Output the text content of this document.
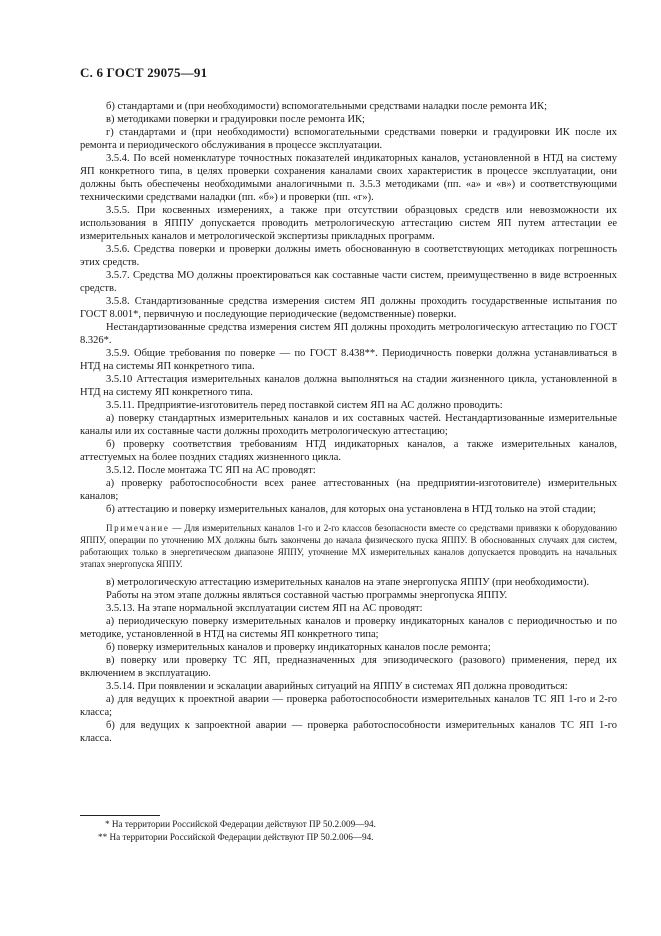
С. 6 ГОСТ 29075—91

б) стандартами и (при необходимости) вспомогательными средствами наладки после ремонта ИК;

в) методиками поверки и градуировки после ремонта ИК;

г) стандартами и (при необходимости) вспомогательными средствами поверки и градуировки ИК после их ремонта и периодического обслуживания в процессе эксплуатации.

3.5.4. По всей номенклатуре точностных показателей индикаторных каналов, установленной в НТД на систему ЯП конкретного типа, в целях проверки сохранения каналами своих характеристик в процессе эксплуатации, они должны быть обеспечены необходимыми аналогичными п. 3.5.3 методиками (пп. «а» и «в») и соответствующими техническими средствами наладки (пп. «б») и проверки (пп. «г»).

3.5.5. При косвенных измерениях, а также при отсутствии образцовых средств или невозможности их использования в ЯППУ допускается проводить метрологическую аттестацию систем ЯП путем аттестации ее измерительных каналов и метрологической экспертизы прикладных программ.

3.5.6. Средства поверки и проверки должны иметь обоснованную в соответствующих методиках погрешность этих средств.

3.5.7. Средства МО должны проектироваться как составные части систем, преимущественно в виде встроенных средств.

3.5.8. Стандартизованные средства измерения систем ЯП должны проходить государственные испытания по ГОСТ 8.001*, первичную и последующие периодические (ведомственные) поверки.

Нестандартизованные средства измерения систем ЯП должны проходить метрологическую аттестацию по ГОСТ 8.326*.

3.5.9. Общие требования по поверке — по ГОСТ 8.438**. Периодичность поверки должна устанавливаться в НТД на системы ЯП конкретного типа.

3.5.10 Аттестация измерительных каналов должна выполняться на стадии жизненного цикла, установленной в НТД на систему ЯП конкретного типа.

3.5.11. Предприятие-изготовитель перед поставкой систем ЯП на АС должно проводить:

а) поверку стандартных измерительных каналов и их составных частей. Нестандартизованные измерительные каналы или их составные части должны проходить метрологическую аттестацию;

б) проверку соответствия требованиям НТД индикаторных каналов, а также измерительных каналов, аттестуемых на более поздних стадиях жизненного цикла.

3.5.12. После монтажа ТС ЯП на АС проводят:

а) проверку работоспособности всех ранее аттестованных (на предприятии-изготовителе) измерительных каналов;

б) аттестацию и поверку измерительных каналов, для которых она установлена в НТД только на этой стадии;

Примечание — Для измерительных каналов 1-го и 2-го классов безопасности вместе со средствами привязки к оборудованию ЯППУ, операции по уточнению МХ должны быть закончены до начала физического пуска ЯППУ. В обоснованных случаях для систем, работающих только в энергетическом диапазоне ЯППУ, уточнение МХ измерительных каналов допускается проводить на начальных этапах энергопуска ЯППУ.

в) метрологическую аттестацию измерительных каналов на этапе энергопуска ЯППУ (при необходимости).

Работы на этом этапе должны являться составной частью программы энергопуска ЯППУ.

3.5.13. На этапе нормальной эксплуатации систем ЯП на АС проводят:

а) периодическую поверку измерительных каналов и проверку индикаторных каналов с периодичностью и по методике, установленной в НТД на системы ЯП конкретного типа;

б) поверку измерительных каналов и проверку индикаторных каналов после ремонта;

в) поверку или проверку ТС ЯП, предназначенных для эпизодического (разового) применения, перед их включением в эксплуатацию.

3.5.14. При появлении и эскалации аварийных ситуаций на ЯППУ в системах ЯП должна проводиться:

а) для ведущих к проектной аварии — проверка работоспособности измерительных каналов ТС ЯП 1-го и 2-го класса;

б) для ведущих к запроектной аварии — проверка работоспособности измерительных каналов ТС ЯП 1-го класса.

* На территории Российской Федерации действуют ПР 50.2.009—94.

** На территории Российской Федерации действуют ПР 50.2.006—94.
